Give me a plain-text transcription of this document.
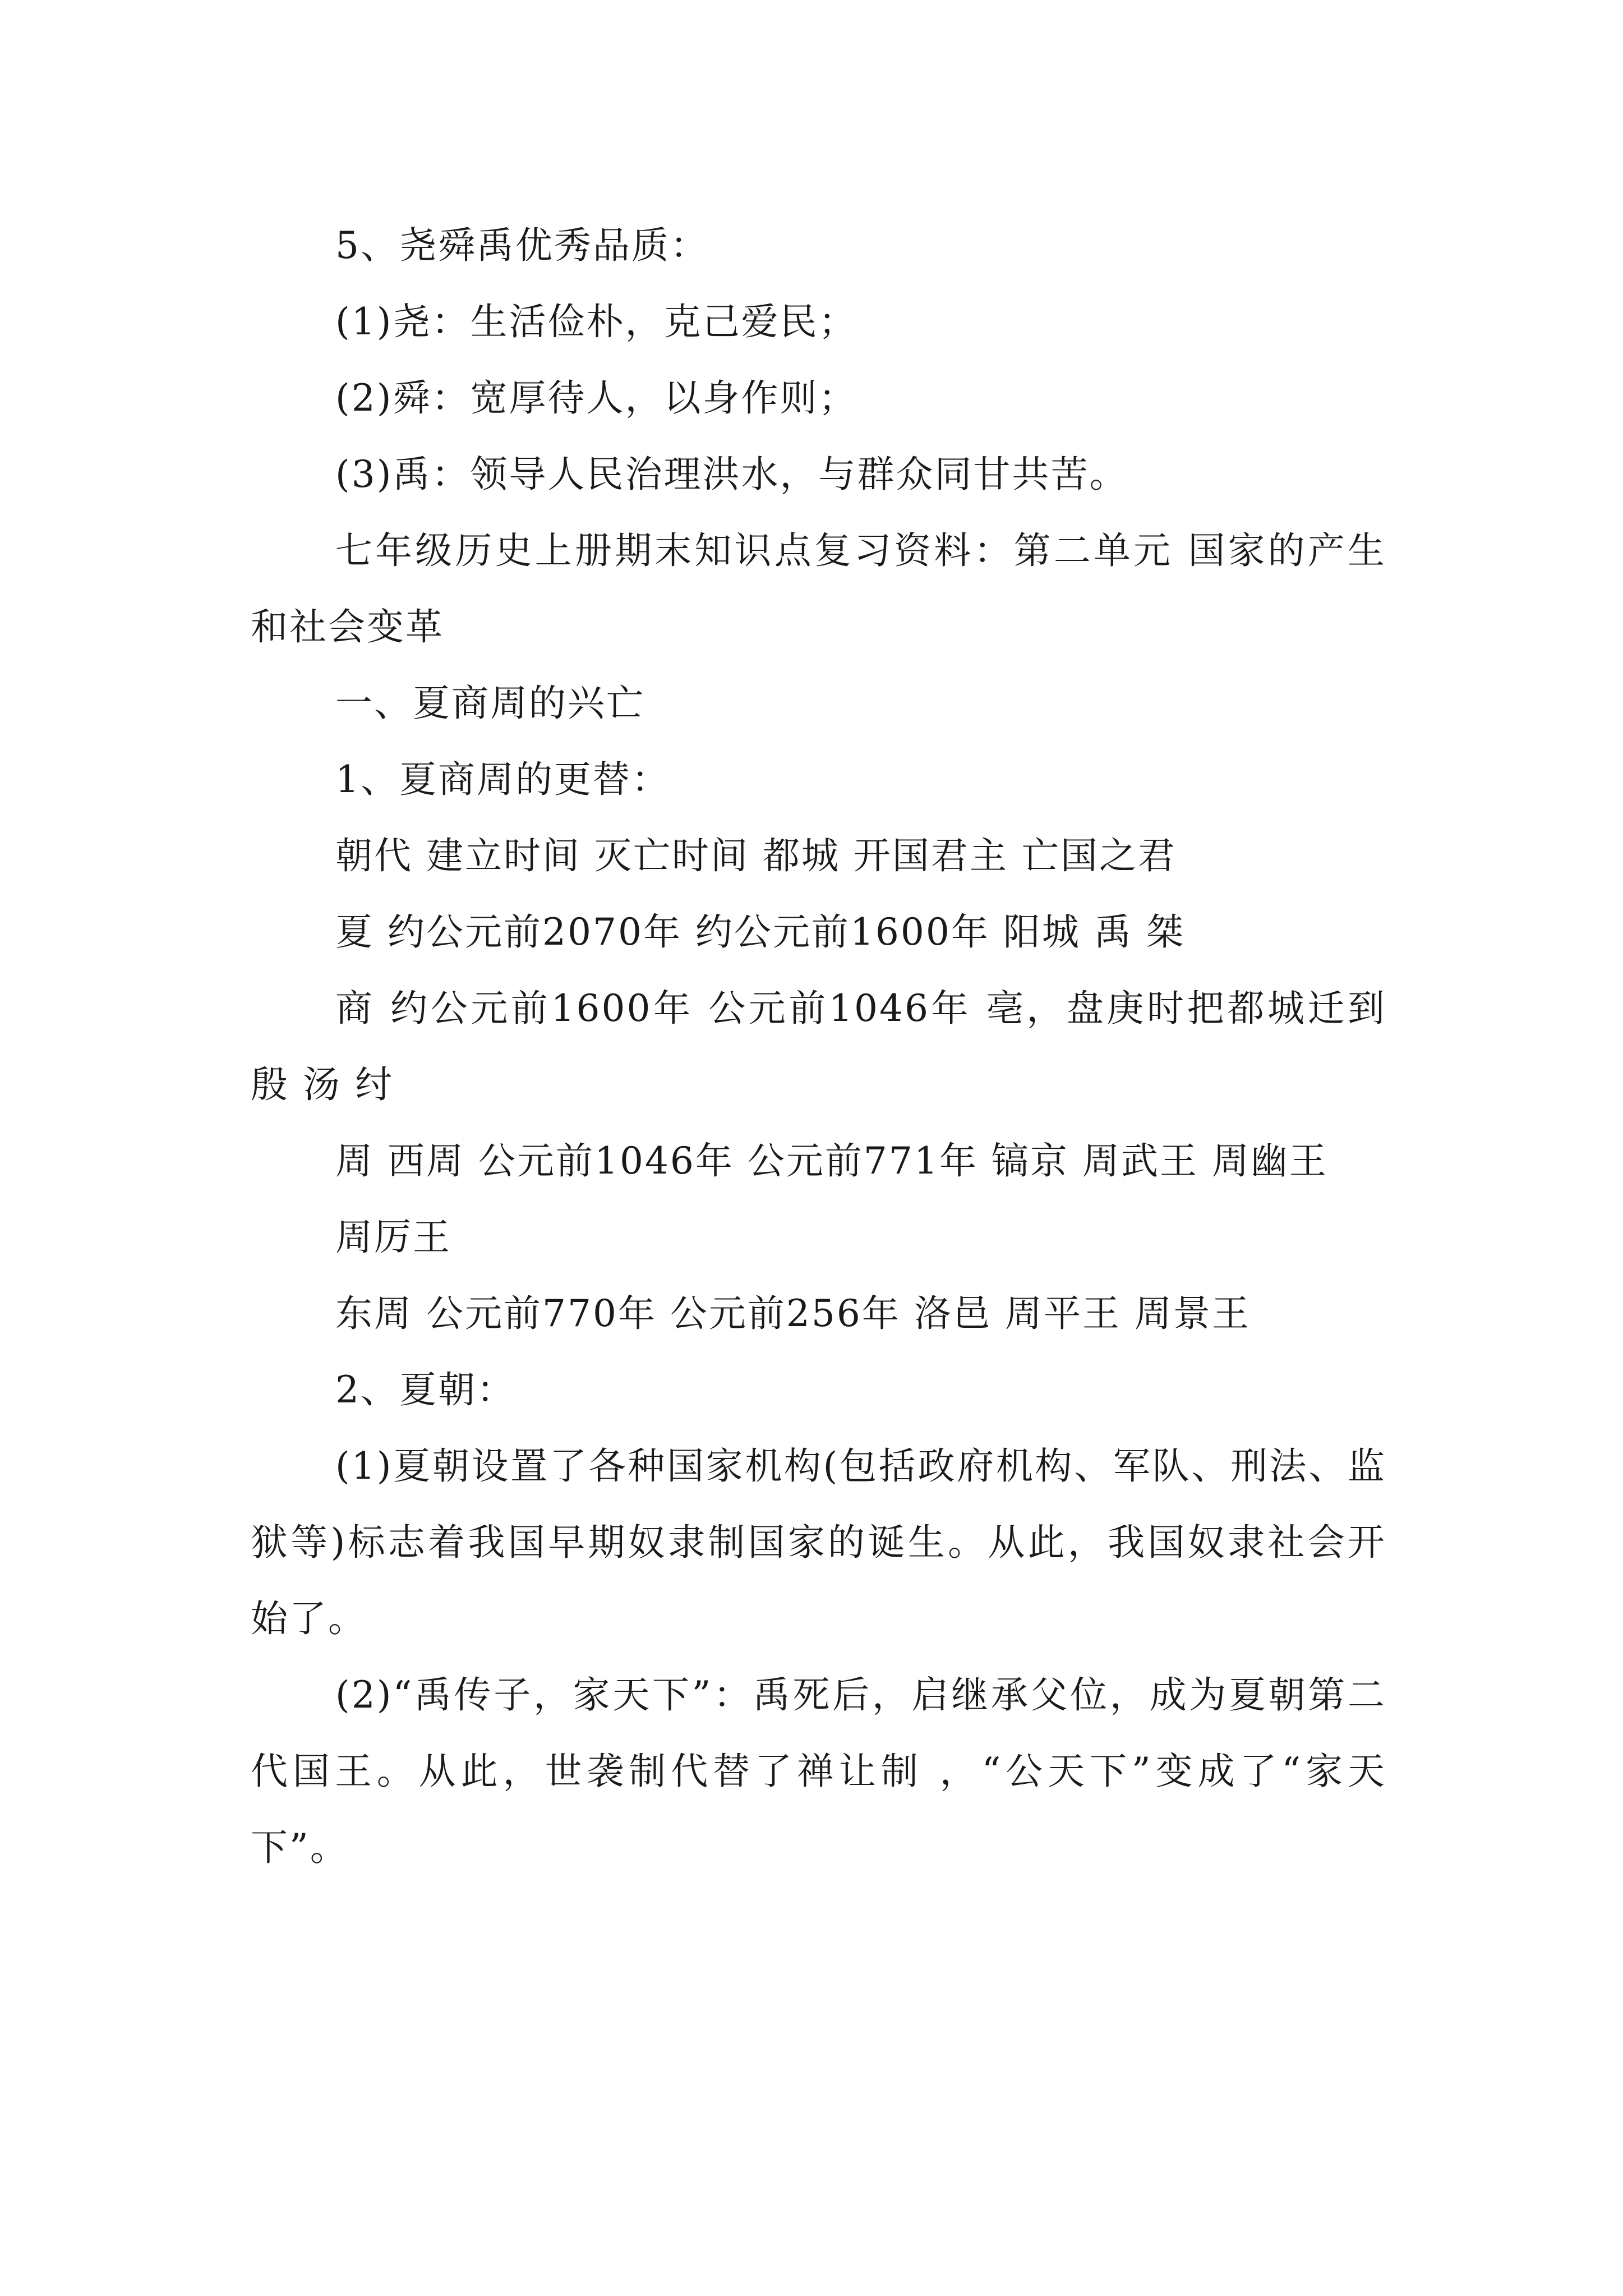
5、尧舜禹优秀品质：

(1)尧：生活俭朴，克己爱民；

(2)舜：宽厚待人，以身作则；

(3)禹：领导人民治理洪水，与群众同甘共苦。

七年级历史上册期末知识点复习资料：第二单元 国家的产生和社会变革

一、夏商周的兴亡

1、夏商周的更替：

朝代 建立时间 灭亡时间 都城 开国君主 亡国之君

夏 约公元前2070年 约公元前1600年 阳城 禹 桀

商 约公元前1600年 公元前1046年 亳，盘庚时把都城迁到殷 汤 纣

周 西周 公元前1046年 公元前771年 镐京 周武王 周幽王

周厉王

东周 公元前770年 公元前256年 洛邑 周平王 周景王

2、夏朝：

(1)夏朝设置了各种国家机构(包括政府机构、军队、刑法、监狱等)标志着我国早期奴隶制国家的诞生。从此，我国奴隶社会开始了。

(2)“禹传子，家天下”：禹死后，启继承父位，成为夏朝第二代国王。从此，世袭制代替了禅让制 ，“公天下”变成了“家天下”。
